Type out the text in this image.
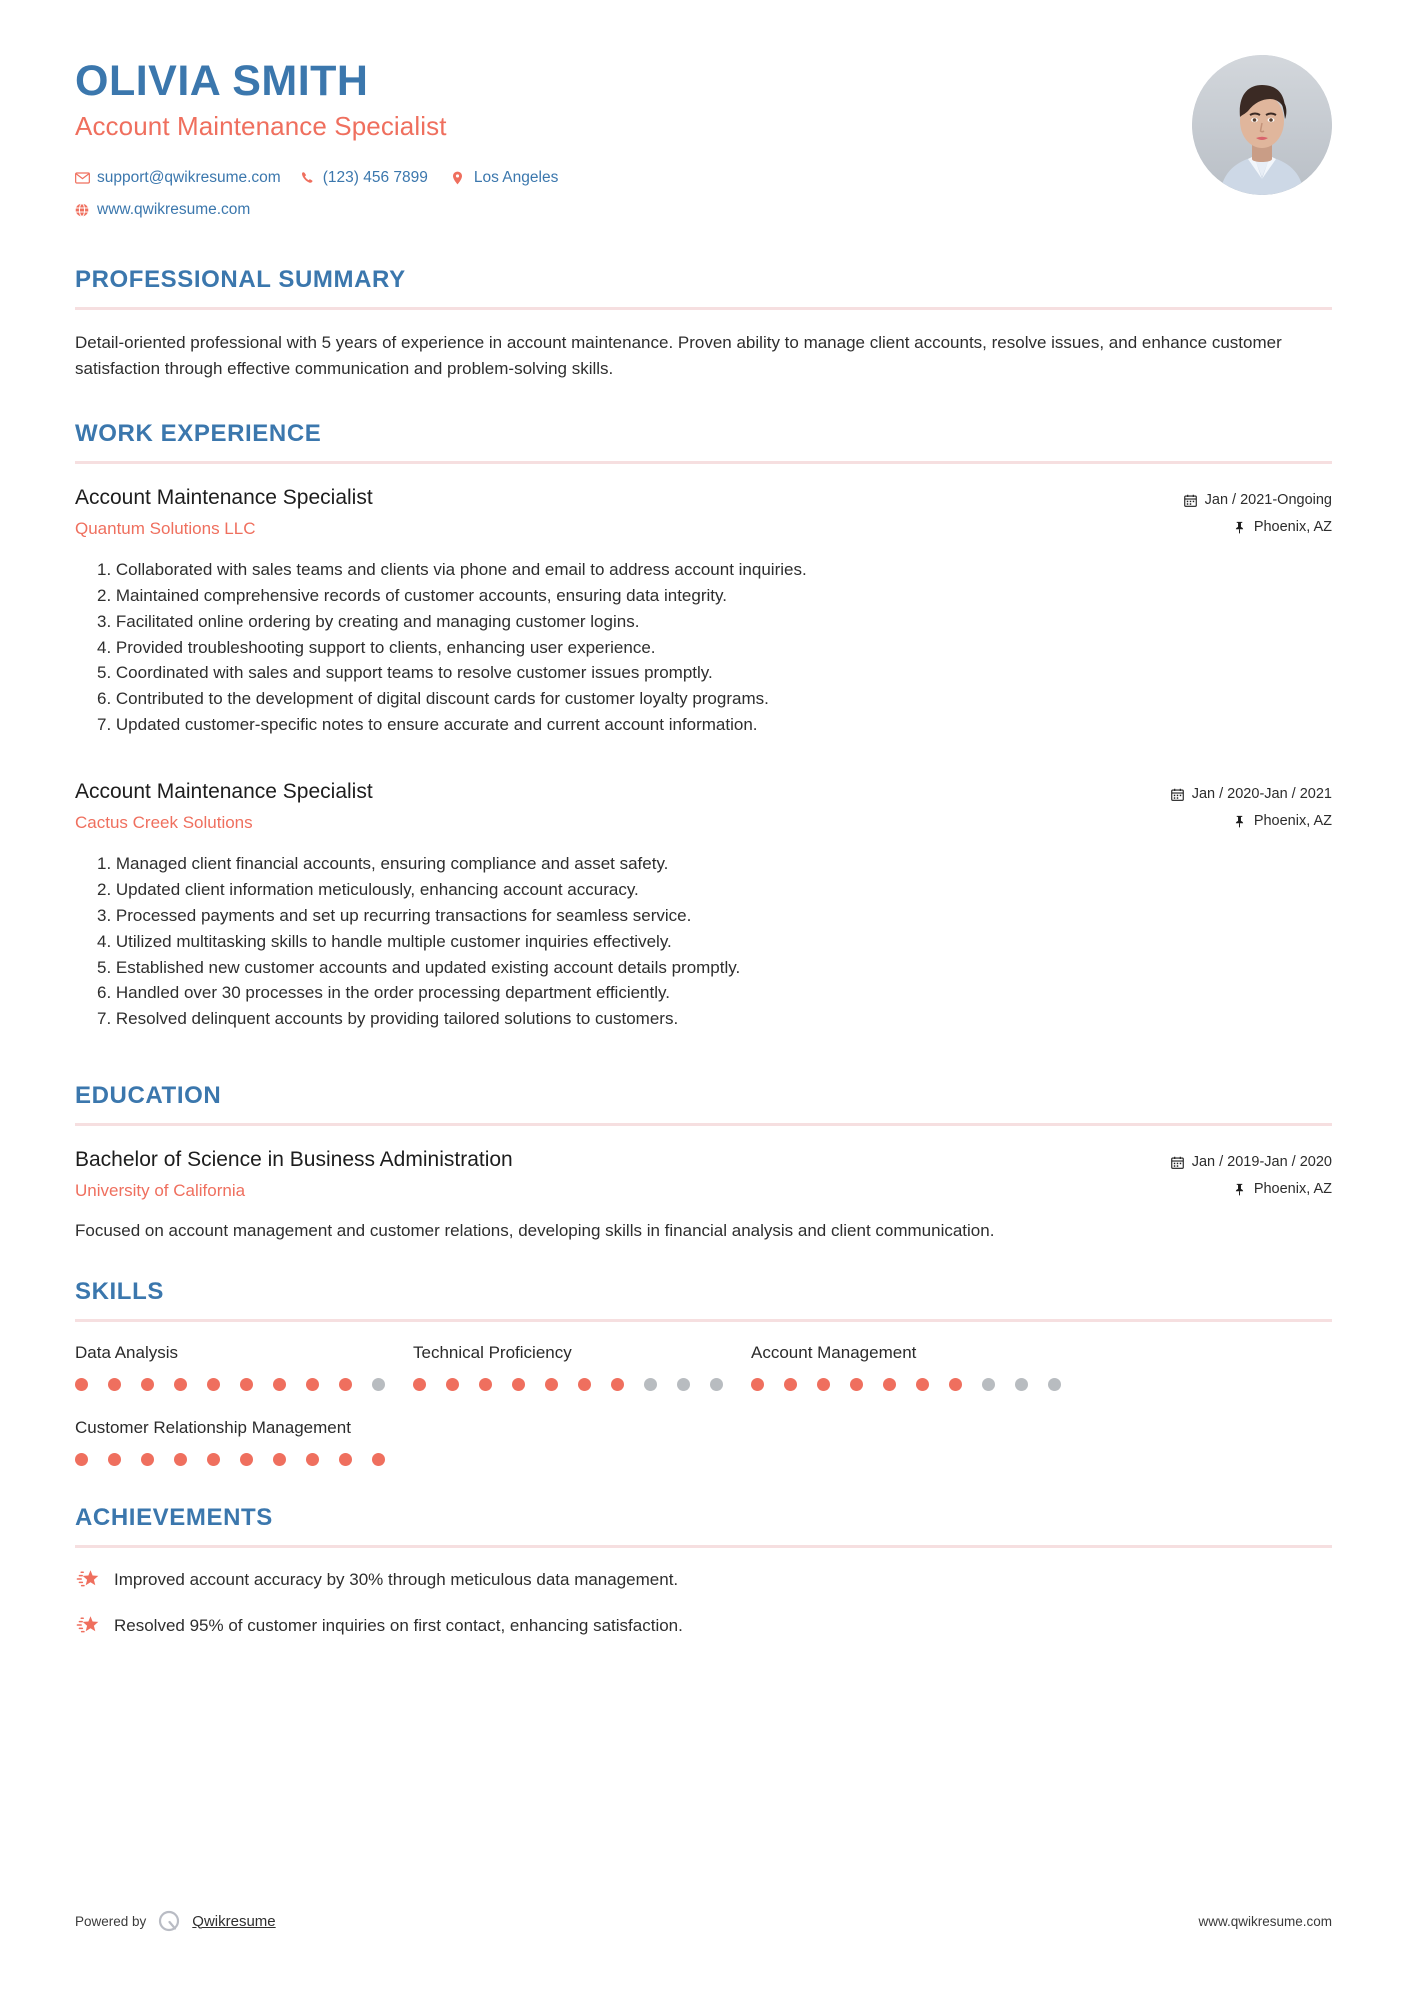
OLIVIA SMITH
Account Maintenance Specialist
support@qwikresume.com	(123) 456 7899	Los Angeles
www.qwikresume.com
PROFESSIONAL SUMMARY
Detail-oriented professional with 5 years of experience in account maintenance. Proven ability to manage client accounts, resolve issues, and enhance customer satisfaction through effective communication and problem-solving skills.
WORK EXPERIENCE
Account Maintenance Specialist
Quantum Solutions LLC
Jan / 2021-Ongoing
Phoenix, AZ
1. Collaborated with sales teams and clients via phone and email to address account inquiries.
2. Maintained comprehensive records of customer accounts, ensuring data integrity.
3. Facilitated online ordering by creating and managing customer logins.
4. Provided troubleshooting support to clients, enhancing user experience.
5. Coordinated with sales and support teams to resolve customer issues promptly.
6. Contributed to the development of digital discount cards for customer loyalty programs.
7. Updated customer-specific notes to ensure accurate and current account information.
Account Maintenance Specialist
Cactus Creek Solutions
Jan / 2020-Jan / 2021
Phoenix, AZ
1. Managed client financial accounts, ensuring compliance and asset safety.
2. Updated client information meticulously, enhancing account accuracy.
3. Processed payments and set up recurring transactions for seamless service.
4. Utilized multitasking skills to handle multiple customer inquiries effectively.
5. Established new customer accounts and updated existing account details promptly.
6. Handled over 30 processes in the order processing department efficiently.
7. Resolved delinquent accounts by providing tailored solutions to customers.
EDUCATION
Bachelor of Science in Business Administration
University of California
Jan / 2019-Jan / 2020
Phoenix, AZ
Focused on account management and customer relations, developing skills in financial analysis and client communication.
SKILLS
Data Analysis	Technical Proficiency	Account Management
Customer Relationship Management
ACHIEVEMENTS
Improved account accuracy by 30% through meticulous data management.
Resolved 95% of customer inquiries on first contact, enhancing satisfaction.
Powered by	Qwikresume	www.qwikresume.com
